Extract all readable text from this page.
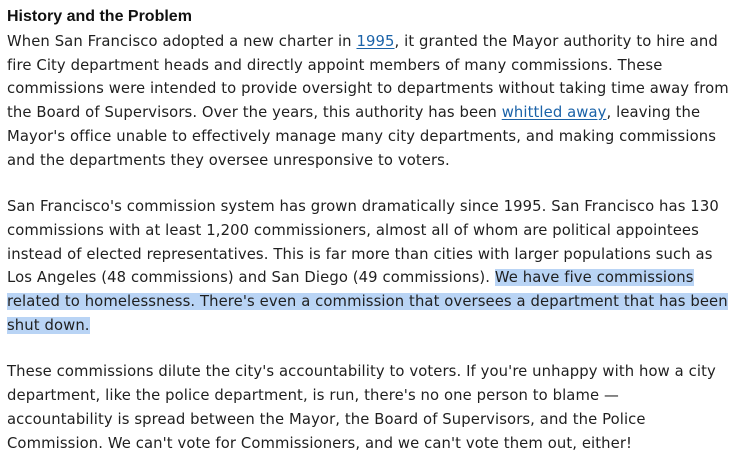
History and the Problem

When San Francisco adopted a new charter in 1995, it granted the Mayor authority to hire and fire City department heads and directly appoint members of many commissions. These commissions were intended to provide oversight to departments without taking time away from the Board of Supervisors. Over the years, this authority has been whittled away, leaving the Mayor's office unable to effectively manage many city departments, and making commissions and the departments they oversee unresponsive to voters.

San Francisco's commission system has grown dramatically since 1995. San Francisco has 130 commissions with at least 1,200 commissioners, almost all of whom are political appointees instead of elected representatives. This is far more than cities with larger populations such as Los Angeles (48 commissions) and San Diego (49 commissions). We have five commissions related to homelessness. There's even a commission that oversees a department that has been shut down.

These commissions dilute the city's accountability to voters. If you're unhappy with how a city department, like the police department, is run, there's no one person to blame — accountability is spread between the Mayor, the Board of Supervisors, and the Police Commission. We can't vote for Commissioners, and we can't vote them out, either!
